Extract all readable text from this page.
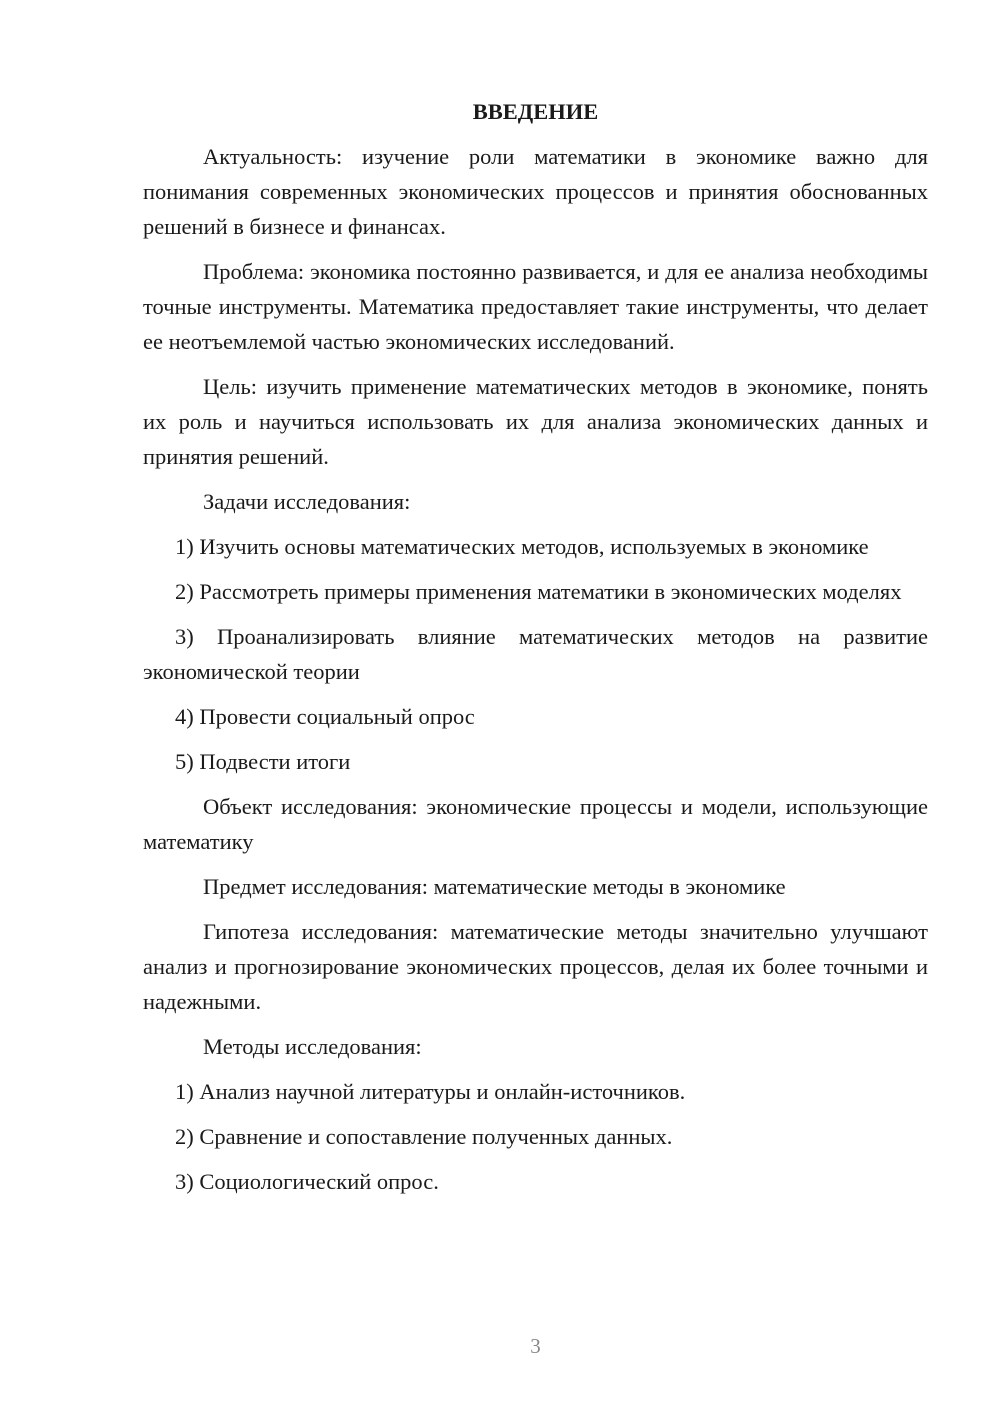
ВВЕДЕНИЕ

Актуальность: изучение роли математики в экономике важно для понимания современных экономических процессов и принятия обоснованных решений в бизнесе и финансах.

Проблема: экономика постоянно развивается, и для ее анализа необходимы точные инструменты. Математика предоставляет такие инструменты, что делает ее неотъемлемой частью экономических исследований.

Цель: изучить применение математических методов в экономике, понять их роль и научиться использовать их для анализа экономических данных и принятия решений.

Задачи исследования:

1) Изучить основы математических методов, используемых в экономике

2) Рассмотреть примеры применения математики в экономических моделях

3) Проанализировать влияние математических методов на развитие экономической теории

4) Провести социальный опрос

5) Подвести итоги

Объект исследования: экономические процессы и модели, использующие математику

Предмет исследования: математические методы в экономике

Гипотеза исследования: математические методы значительно улучшают анализ и прогнозирование экономических процессов, делая их более точными и надежными.

Методы исследования:

1) Анализ научной литературы и онлайн-источников.

2) Сравнение и сопоставление полученных данных.

3) Социологический опрос.

3
